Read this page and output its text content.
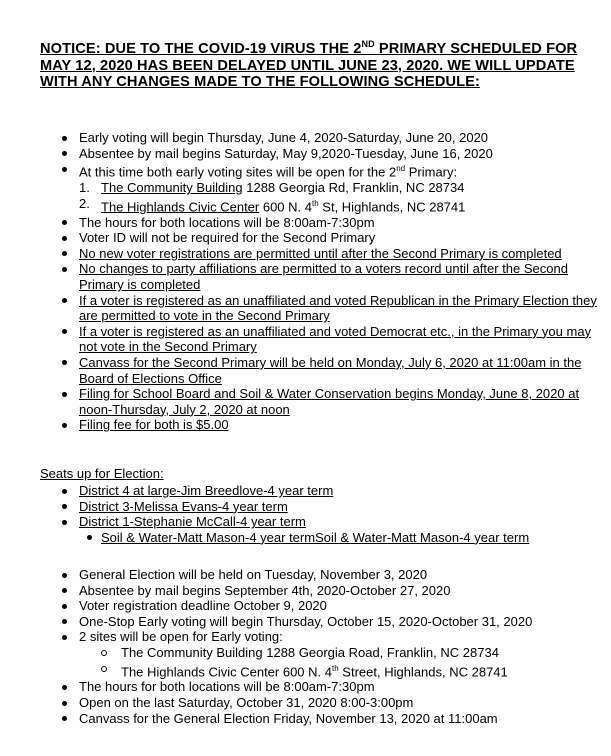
NOTICE: DUE TO THE COVID-19 VIRUS THE 2ND PRIMARY SCHEDULED FOR MAY 12, 2020 HAS BEEN DELAYED UNTIL JUNE 23, 2020. WE WILL UPDATE WITH ANY CHANGES MADE TO THE FOLLOWING SCHEDULE:
Early voting will begin Thursday, June 4, 2020-Saturday, June 20, 2020
Absentee by mail begins Saturday, May 9,2020-Tuesday, June 16, 2020
At this time both early voting sites will be open for the 2nd Primary:
1. The Community Building 1288 Georgia Rd, Franklin, NC 28734
2. The Highlands Civic Center 600 N. 4th St, Highlands, NC 28741
The hours for both locations will be 8:00am-7:30pm
Voter ID will not be required for the Second Primary
No new voter registrations are permitted until after the Second Primary is completed
No changes to party affiliations are permitted to a voters record until after the Second Primary is completed
If a voter is registered as an unaffiliated and voted Republican in the Primary Election they are permitted to vote in the Second Primary
If a voter is registered as an unaffiliated and voted Democrat etc., in the Primary you may not vote in the Second Primary
Canvass for the Second Primary will be held on Monday, July 6, 2020 at 11:00am in the Board of Elections Office
Filing for School Board and Soil & Water Conservation begins Monday, June 8, 2020 at noon-Thursday, July 2, 2020 at noon
Filing fee for both is $5.00
Seats up for Election:
District 4 at large-Jim Breedlove-4 year term
District 3-Melissa Evans-4 year term
District 1-Stephanie McCall-4 year term
Soil & Water-Matt Mason-4 year termSoil & Water-Matt Mason-4 year term
General Election will be held on Tuesday, November 3, 2020
Absentee by mail begins September 4th, 2020-October 27, 2020
Voter registration deadline October 9, 2020
One-Stop Early voting will begin Thursday, October 15, 2020-October 31, 2020
2 sites will be open for Early voting:
The Community Building 1288 Georgia Road, Franklin, NC 28734
The Highlands Civic Center 600 N. 4th Street, Highlands, NC 28741
The hours for both locations will be 8:00am-7:30pm
Open on the last Saturday, October 31, 2020 8:00-3:00pm
Canvass for the General Election Friday, November 13, 2020 at 11:00am
